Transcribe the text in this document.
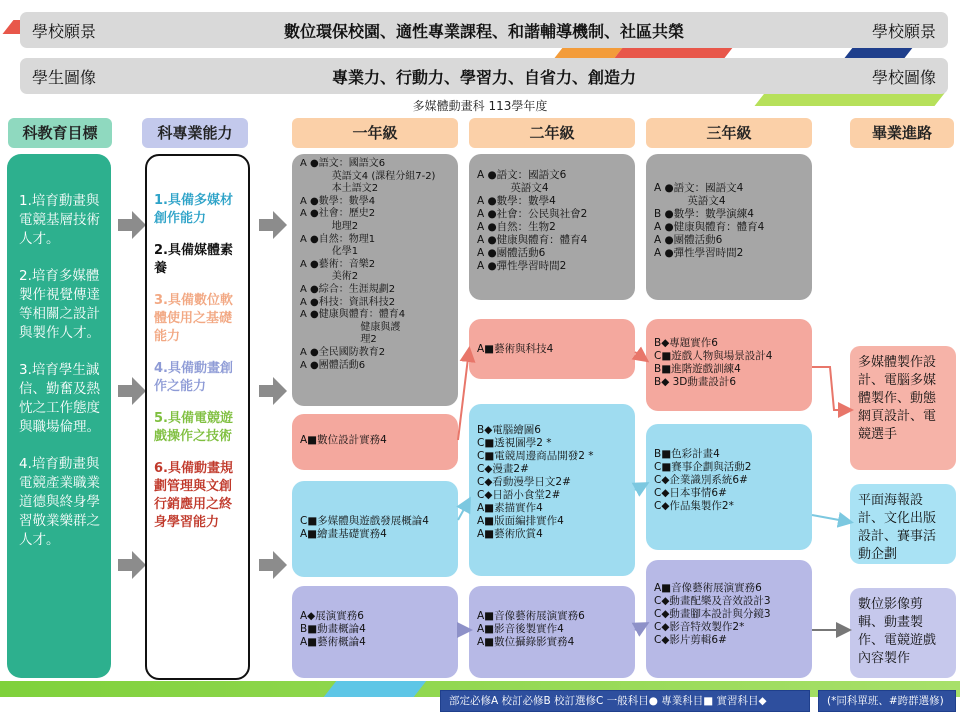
學校願景	數位環保校園、適性專業課程、和諧輔導機制、社區共榮	學校願景
學生圖像	專業力、行動力、學習力、自省力、創造力	學校圖像
多媒體動畫科 113學年度
科教育目標	科專業能力	一年級	二年級	三年級	畢業進路

1.培育動畫與電競基層技術人才。

2.培育多媒體製作視覺傳達等相關之設計與製作人才。

3.培育學生誠信、勤奮及熱忱之工作態度與職場倫理。

4.培育動畫與電競產業職業道德與終身學習敬業樂群之人才。

1.具備多媒材創作能力

2.具備媒體素養

3.具備數位軟體使用之基礎能力

4.具備動畫創作之能力

5.具備電競遊戲操作之技術

6.具備動畫規劃管理與文創行銷應用之終身學習能力

A ●語文：國語文6
英語文4 (課程分組7-2)
本土語文2
A ●數學：數學4
A ●社會：歷史2
地理2
A ●自然：物理1
化學1
A ●藝術：音樂2
美術2
A ●綜合：生涯規劃2
A ●科技：資訊科技2
A ●健康與體育：體育4
健康與護
理2
A ●全民國防教育2
A ●團體活動6
A■數位設計實務4
C■多媒體與遊戲發展概論4
A■繪畫基礎實務4
A◆展演實務6
B■動畫概論4
A■藝術概論4
A ●語文：國語文6
英語文4
A ●數學：數學4
A ●社會：公民與社會2
A ●自然：生物2
A ●健康與體育：體育4
A ●團體活動6
A ●彈性學習時間2
A■藝術與科技4
B◆電腦繪圖6
C■透視圖學2 *
C■電競周邊商品開發2 *
C◆漫畫2#
C◆看動漫學日文2#
C◆日語小食堂2#
A■素描實作4
A■版面編排實作4
A■藝術欣賞4
A■音像藝術展演實務6
A■影音後製實作4
A■數位攝錄影實務4
A ●語文：國語文4
英語文4
B ●數學：數學演練4
A ●健康與體育：體育4
A ●團體活動6
A ●彈性學習時間2
B◆專題實作6
C■遊戲人物與場景設計4
B■進階遊戲訓練4
B◆ 3D動畫設計6
B■色彩計畫4
C■賽事企劃與活動2
C◆企業識別系統6#
C◆日本事情6#
C◆作品集製作2*
A■音像藝術展演實務6
C◆動畫配樂及音效設計3
C◆動畫腳本設計與分鏡3
C◆影音特效製作2*
C◆影片剪輯6#
多媒體製作設計、電腦多媒體製作、動態網頁設計、電競選手
平面海報設計、文化出版設計、賽事活動企劃
數位影像剪輯、動畫製作、電競遊戲內容製作
部定必修A 校訂必修B 校訂選修C 一般科目● 專業科目■ 實習科目◆	(*同科單班、#跨群選修)
